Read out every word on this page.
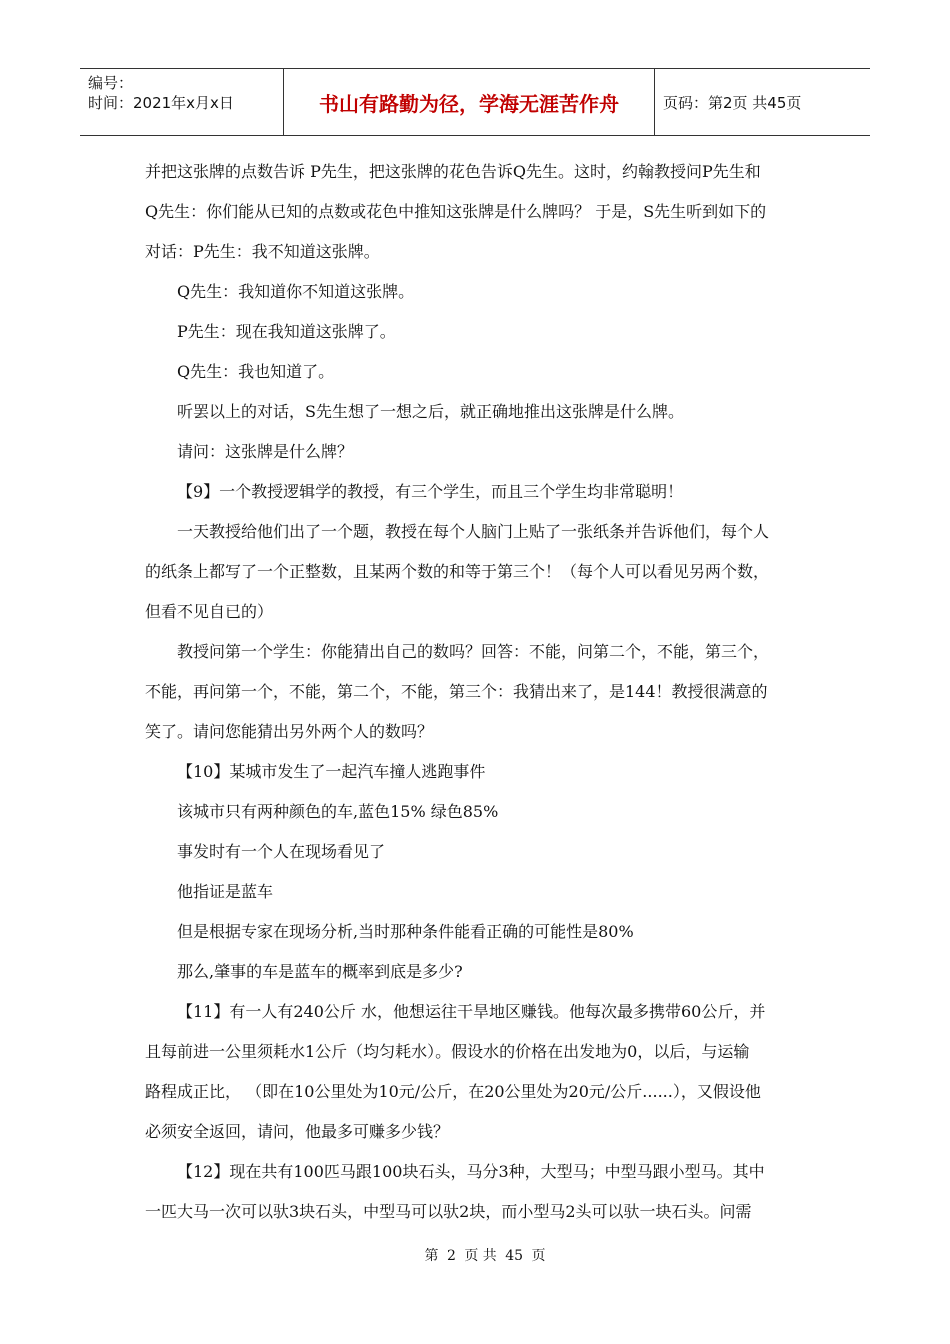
编号：
时间：2021年x月x日	书山有路勤为径，学海无涯苦作舟	页码：第2页 共45页

并把这张牌的点数告诉 P先生，把这张牌的花色告诉Q先生。这时，约翰教授问P先生和

Q先生：你们能从已知的点数或花色中推知这张牌是什么牌吗？ 于是，S先生听到如下的

对话：P先生：我不知道这张牌。

Q先生：我知道你不知道这张牌。

P先生：现在我知道这张牌了。

Q先生：我也知道了。

听罢以上的对话，S先生想了一想之后，就正确地推出这张牌是什么牌。

请问：这张牌是什么牌？

【9】一个教授逻辑学的教授，有三个学生，而且三个学生均非常聪明！

一天教授给他们出了一个题，教授在每个人脑门上贴了一张纸条并告诉他们，每个人

的纸条上都写了一个正整数，且某两个数的和等于第三个！（每个人可以看见另两个数，

但看不见自已的）

教授问第一个学生：你能猜出自己的数吗？回答：不能，问第二个，不能，第三个，

不能，再问第一个，不能，第二个，不能，第三个：我猜出来了，是144！教授很满意的

笑了。请问您能猜出另外两个人的数吗？

【10】某城市发生了一起汽车撞人逃跑事件

该城市只有两种颜色的车,蓝色15% 绿色85%

事发时有一个人在现场看见了

他指证是蓝车

但是根据专家在现场分析,当时那种条件能看正确的可能性是80%

那么,肇事的车是蓝车的概率到底是多少?

【11】有一人有240公斤 水，他想运往干旱地区赚钱。他每次最多携带60公斤，并

且每前进一公里须耗水1公斤（均匀耗水）。假设水的价格在出发地为0，以后，与运输

路程成正比， （即在10公里处为10元/公斤，在20公里处为20元/公斤......），又假设他

必须安全返回，请问，他最多可赚多少钱？

【12】现在共有100匹马跟100块石头，马分3种，大型马；中型马跟小型马。其中

一匹大马一次可以驮3块石头，中型马可以驮2块，而小型马2头可以驮一块石头。问需

第 2 页 共 45 页
